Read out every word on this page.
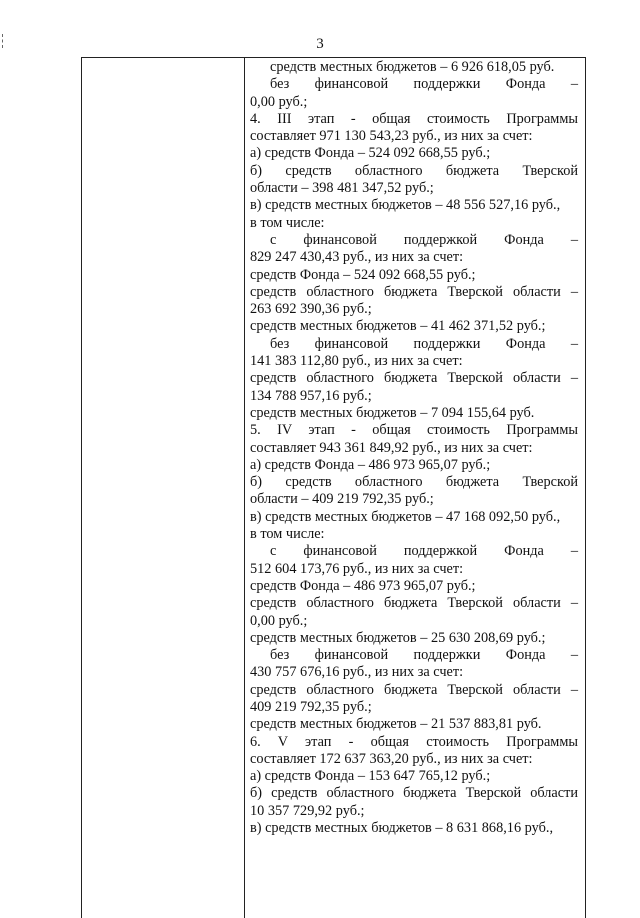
3
средств местных бюджетов – 6 926 618,05 руб.
без финансовой поддержки Фонда –
0,00 руб.;
4. III этап - общая стоимость Программы
составляет 971 130 543,23 руб., из них за счет:
а) средств Фонда – 524 092 668,55 руб.;
б) средств областного бюджета Тверской
области – 398 481 347,52 руб.;
в) средств местных бюджетов – 48 556 527,16 руб.,
в том числе:
с финансовой поддержкой Фонда –
829 247 430,43 руб., из них за счет:
средств Фонда – 524 092 668,55 руб.;
средств областного бюджета Тверской области –
263 692 390,36 руб.;
средств местных бюджетов – 41 462 371,52 руб.;
без финансовой поддержки Фонда –
141 383 112,80 руб., из них за счет:
средств областного бюджета Тверской области –
134 788 957,16 руб.;
средств местных бюджетов – 7 094 155,64 руб.
5. IV этап - общая стоимость Программы
составляет 943 361 849,92 руб., из них за счет:
а) средств Фонда – 486 973 965,07 руб.;
б) средств областного бюджета Тверской
области – 409 219 792,35 руб.;
в) средств местных бюджетов – 47 168 092,50 руб.,
в том числе:
с финансовой поддержкой Фонда –
512 604 173,76 руб., из них за счет:
средств Фонда – 486 973 965,07 руб.;
средств областного бюджета Тверской области –
0,00 руб.;
средств местных бюджетов – 25 630 208,69 руб.;
без финансовой поддержки Фонда –
430 757 676,16 руб., из них за счет:
средств областного бюджета Тверской области –
409 219 792,35 руб.;
средств местных бюджетов – 21 537 883,81 руб.
6. V этап - общая стоимость Программы
составляет 172 637 363,20 руб., из них за счет:
а) средств Фонда – 153 647 765,12 руб.;
б) средств областного бюджета Тверской области
10 357 729,92 руб.;
в) средств местных бюджетов – 8 631 868,16 руб.,
